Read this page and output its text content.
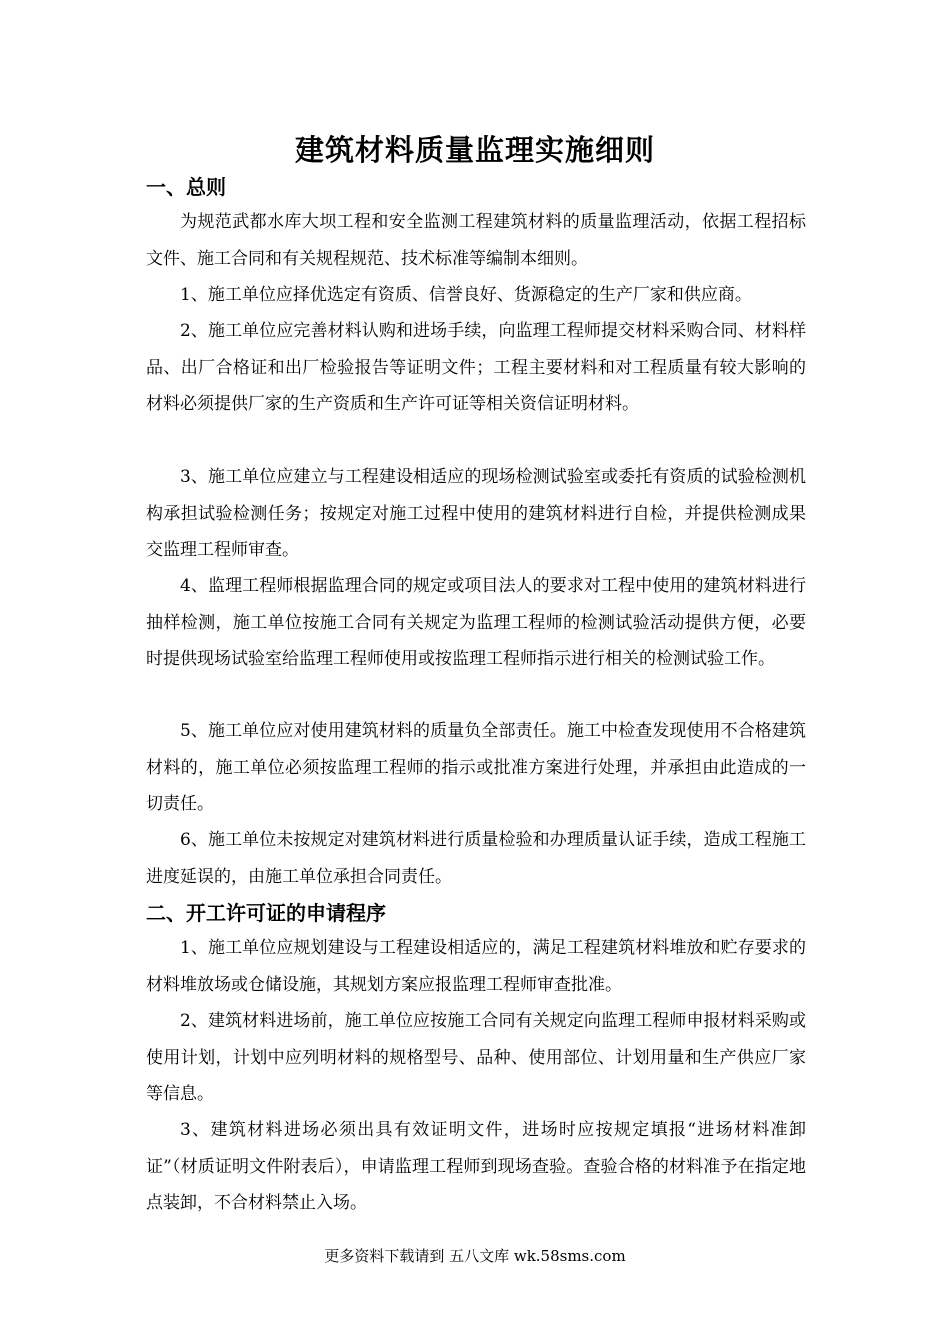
建筑材料质量监理实施细则
一、总则
为规范武都水库大坝工程和安全监测工程建筑材料的质量监理活动，依据工程招标文件、施工合同和有关规程规范、技术标准等编制本细则。
1、施工单位应择优选定有资质、信誉良好、货源稳定的生产厂家和供应商。
2、施工单位应完善材料认购和进场手续，向监理工程师提交材料采购合同、材料样品、出厂合格证和出厂检验报告等证明文件；工程主要材料和对工程质量有较大影响的材料必须提供厂家的生产资质和生产许可证等相关资信证明材料。
3、施工单位应建立与工程建设相适应的现场检测试验室或委托有资质的试验检测机构承担试验检测任务；按规定对施工过程中使用的建筑材料进行自检，并提供检测成果交监理工程师审查。
4、监理工程师根据监理合同的规定或项目法人的要求对工程中使用的建筑材料进行抽样检测，施工单位按施工合同有关规定为监理工程师的检测试验活动提供方便，必要时提供现场试验室给监理工程师使用或按监理工程师指示进行相关的检测试验工作。
5、施工单位应对使用建筑材料的质量负全部责任。施工中检查发现使用不合格建筑材料的，施工单位必须按监理工程师的指示或批准方案进行处理，并承担由此造成的一切责任。
6、施工单位未按规定对建筑材料进行质量检验和办理质量认证手续，造成工程施工进度延误的，由施工单位承担合同责任。
二、开工许可证的申请程序
1、施工单位应规划建设与工程建设相适应的，满足工程建筑材料堆放和贮存要求的材料堆放场或仓储设施，其规划方案应报监理工程师审查批准。
2、建筑材料进场前，施工单位应按施工合同有关规定向监理工程师申报材料采购或使用计划，计划中应列明材料的规格型号、品种、使用部位、计划用量和生产供应厂家等信息。
3、建筑材料进场必须出具有效证明文件，进场时应按规定填报“进场材料准卸证”（材质证明文件附表后），申请监理工程师到现场查验。查验合格的材料准予在指定地点装卸，不合材料禁止入场。
更多资料下载请到 五八文库 wk.58sms.com
